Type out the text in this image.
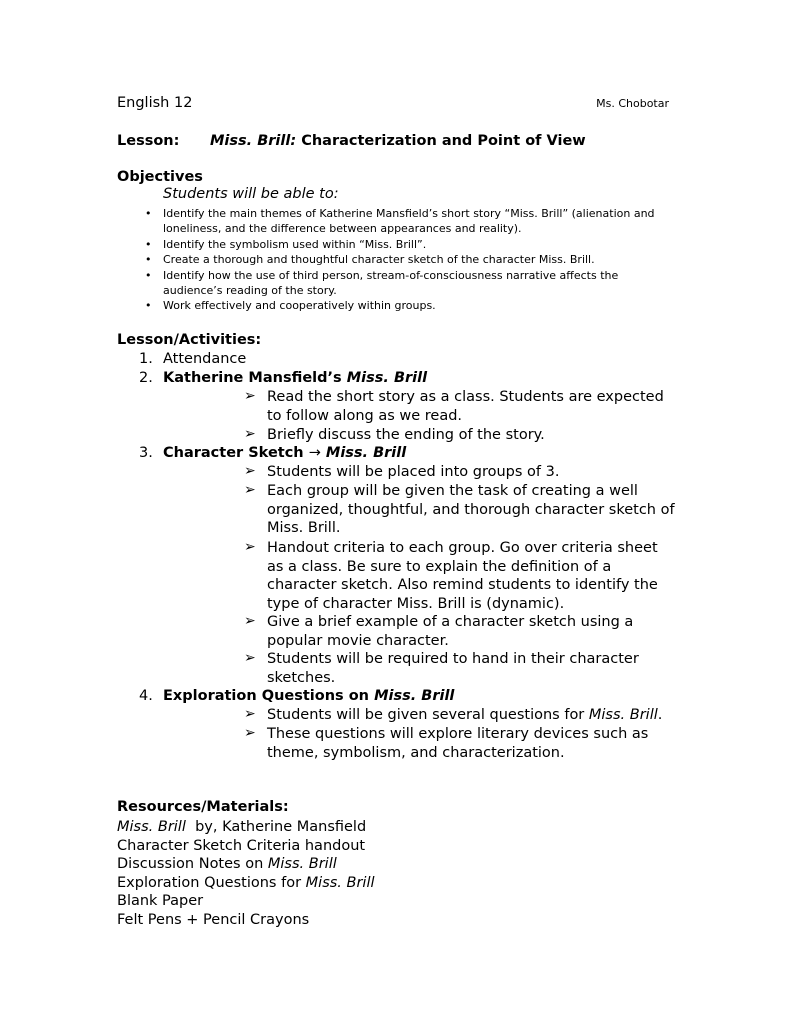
English 12	Ms. Chobotar
Lesson: Miss. Brill: Characterization and Point of View
Objectives
Students will be able to:
• Identify the main themes of Katherine Mansfield’s short story “Miss. Brill” (alienation and loneliness, and the difference between appearances and reality).
• Identify the symbolism used within “Miss. Brill”.
• Create a thorough and thoughtful character sketch of the character Miss. Brill.
• Identify how the use of third person, stream-of-consciousness narrative affects the audience’s reading of the story.
• Work effectively and cooperatively within groups.
Lesson/Activities:
1. Attendance
2. Katherine Mansfield’s Miss. Brill
➢ Read the short story as a class. Students are expected to follow along as we read.
➢ Briefly discuss the ending of the story.
3. Character Sketch → Miss. Brill
➢ Students will be placed into groups of 3.
➢ Each group will be given the task of creating a well organized, thoughtful, and thorough character sketch of Miss. Brill.
➢ Handout criteria to each group. Go over criteria sheet as a class. Be sure to explain the definition of a character sketch. Also remind students to identify the type of character Miss. Brill is (dynamic).
➢ Give a brief example of a character sketch using a popular movie character.
➢ Students will be required to hand in their character sketches.
4. Exploration Questions on Miss. Brill
➢ Students will be given several questions for Miss. Brill.
➢ These questions will explore literary devices such as theme, symbolism, and characterization.
Resources/Materials:
Miss. Brill  by, Katherine Mansfield
Character Sketch Criteria handout
Discussion Notes on Miss. Brill
Exploration Questions for Miss. Brill
Blank Paper
Felt Pens + Pencil Crayons
